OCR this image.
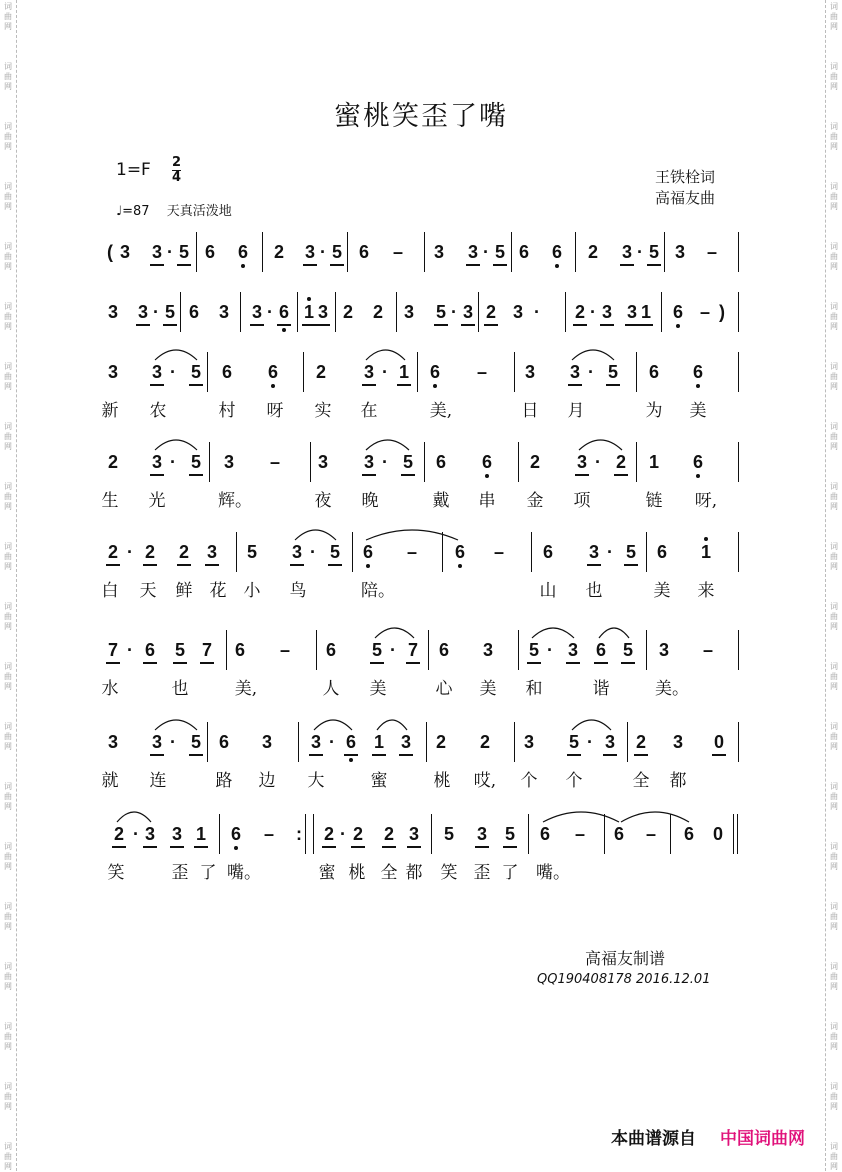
词
曲
网
词
曲
网
词
曲
网
词
曲
网
词
曲
网
词
曲
网
词
曲
网
词
曲
网
词
曲
网
词
曲
网
词
曲
网
词
曲
网
词
曲
网
词
曲
网
词
曲
网
词
曲
网
词
曲
网
词
曲
网
词
曲
网
词
曲
网
词
曲
网
词
曲
网
词
曲
网
词
曲
网
词
曲
网
词
曲
网
词
曲
网
词
曲
网
词
曲
网
词
曲
网
词
曲
网
词
曲
网
词
曲
网
词
曲
网
词
曲
网
词
曲
网
词
曲
网
词
曲
网
词
曲
网
词
曲
网
蜜桃笑歪了嘴
1=F 2
4
♩=87　 天真活泼地
王铁栓词
高福友曲
( 3 3 · 5 6 6 2 3 · 5 6 – 3 3 · 5 6 6 2 3 · 5 3 –
3 3 · 5 6 3 3 · 6 1 3 2 2 3 5 · 3 2 3 · 2 · 3 3 1 6 – )
3 3 · 5 6 6 2 3 · 1 6 – 3 3 · 5 6 6
新 农	村 呀 实 在	美,	日 月	为 美
2 3 · 5 3 – 3 3 · 5 6 6 2 3 · 2 1 6
生 光	辉。	夜 晚	戴 串 金 项	链 呀,
2 · 2 2 3 5 3 · 5 6 – 6 – 6 3 · 5 6 1
白 天 鲜 花 小 鸟	陪。	山 也	美 来
7 · 6 5 7 6 – 6 5 · 7 6 3 5 · 3 6 5 3 –
水	也	美,	人 美	心 美 和	谐	美。
3 3 · 5 6 3 3 · 6 1 3 2 2 3 5 · 3 2 3 0
就 连	路 边 大	蜜	桃 哎, 个 个	全 都
2 · 3 3 1 6 – : 2 · 2 2 3 5 3 5 6 – 6 – 6 0
笑	歪 了 嘴。	蜜 桃 全 都 笑 歪 了 嘴。
高福友制谱
QQ190408178 2016.12.01
本曲谱源自 中国词曲网
